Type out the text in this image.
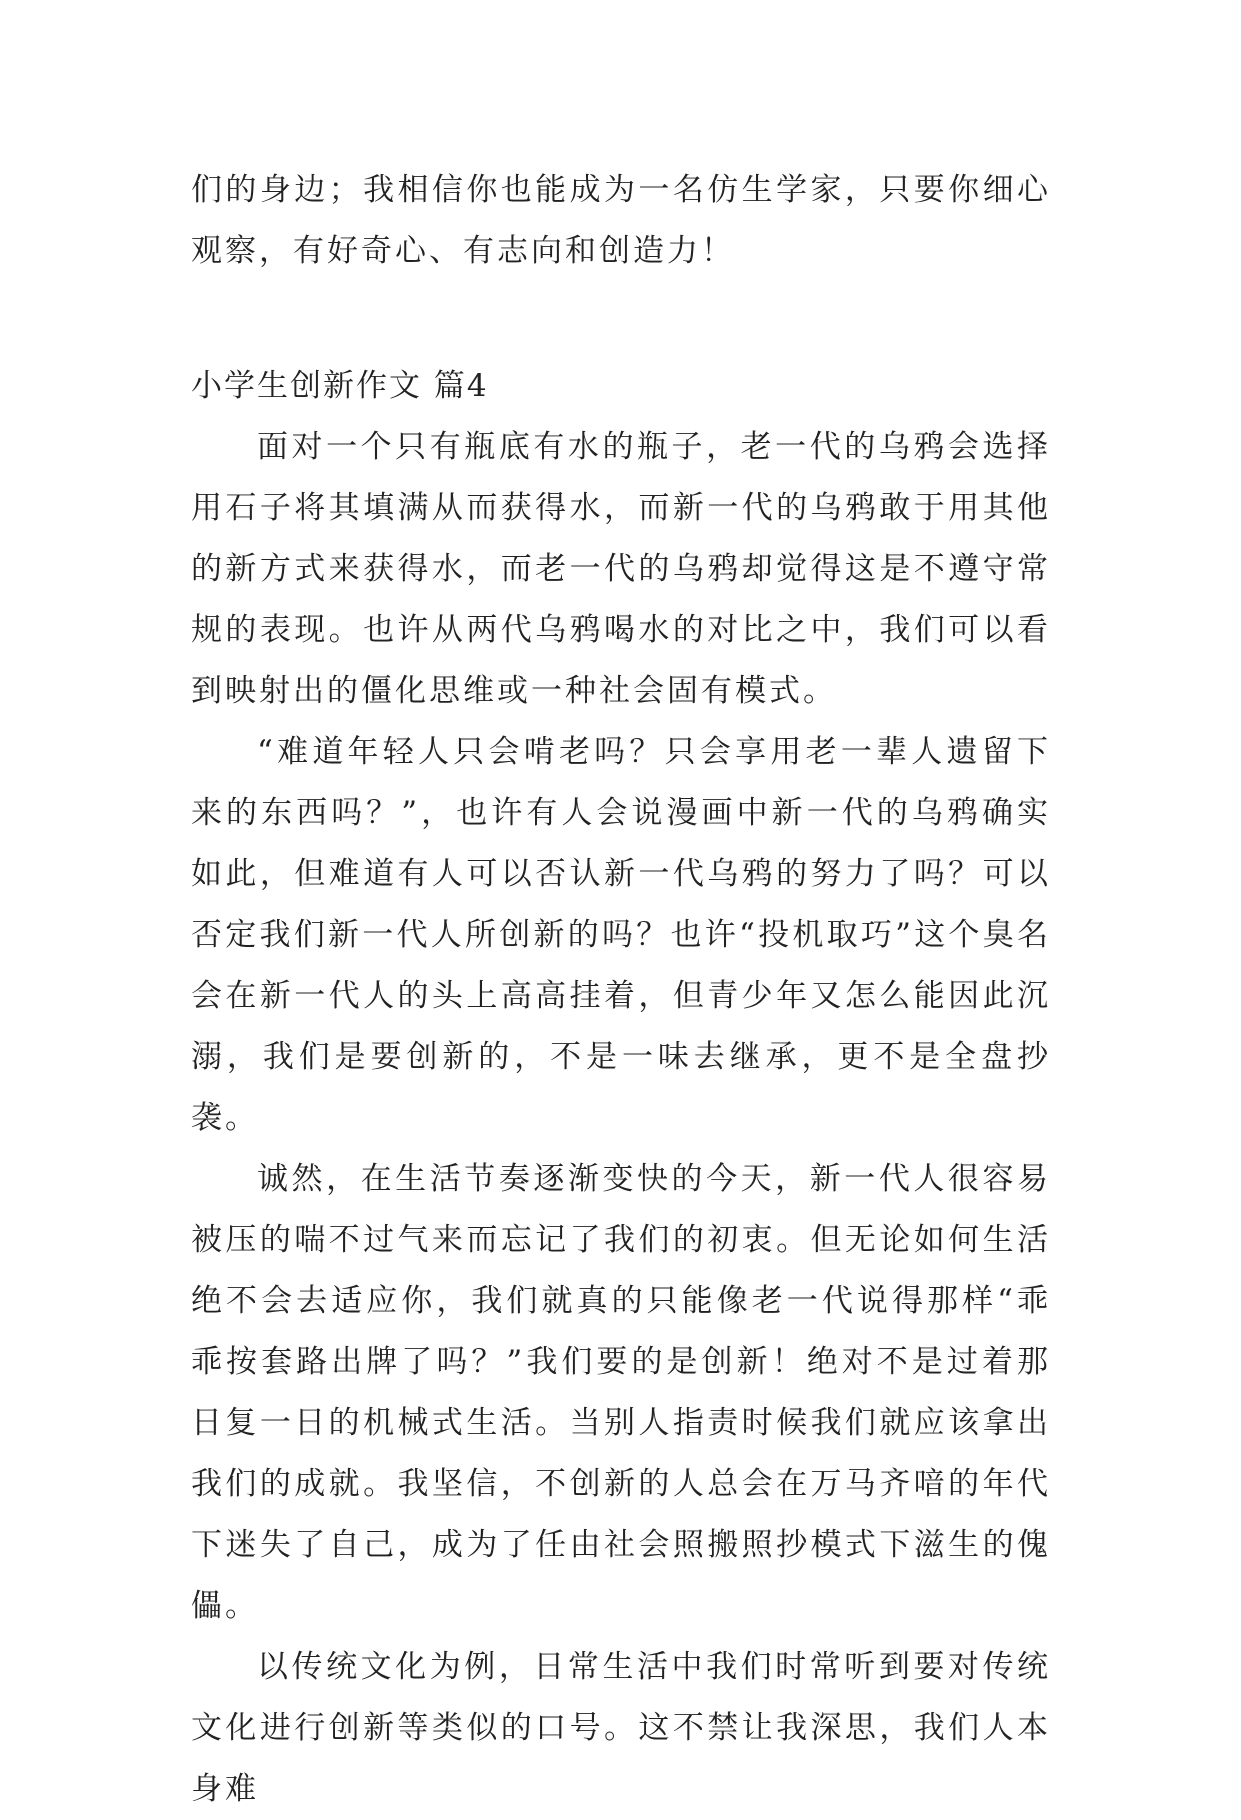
们的身边；我相信你也能成为一名仿生学家，只要你细心观察，有好奇心、有志向和创造力！

小学生创新作文 篇4

面对一个只有瓶底有水的瓶子，老一代的乌鸦会选择用石子将其填满从而获得水，而新一代的乌鸦敢于用其他的新方式来获得水，而老一代的乌鸦却觉得这是不遵守常规的表现。也许从两代乌鸦喝水的对比之中，我们可以看到映射出的僵化思维或一种社会固有模式。

“难道年轻人只会啃老吗？只会享用老一辈人遗留下来的东西吗？”，也许有人会说漫画中新一代的乌鸦确实如此，但难道有人可以否认新一代乌鸦的努力了吗？可以否定我们新一代人所创新的吗？也许“投机取巧”这个臭名会在新一代人的头上高高挂着，但青少年又怎么能因此沉溺，我们是要创新的，不是一味去继承，更不是全盘抄袭。

诚然，在生活节奏逐渐变快的今天，新一代人很容易被压的喘不过气来而忘记了我们的初衷。但无论如何生活绝不会去适应你，我们就真的只能像老一代说得那样“乖乖按套路出牌了吗？”我们要的是创新！绝对不是过着那日复一日的机械式生活。当别人指责时候我们就应该拿出我们的成就。我坚信，不创新的人总会在万马齐喑的年代下迷失了自己，成为了任由社会照搬照抄模式下滋生的傀儡。

以传统文化为例，日常生活中我们时常听到要对传统文化进行创新等类似的口号。这不禁让我深思，我们人本身难
